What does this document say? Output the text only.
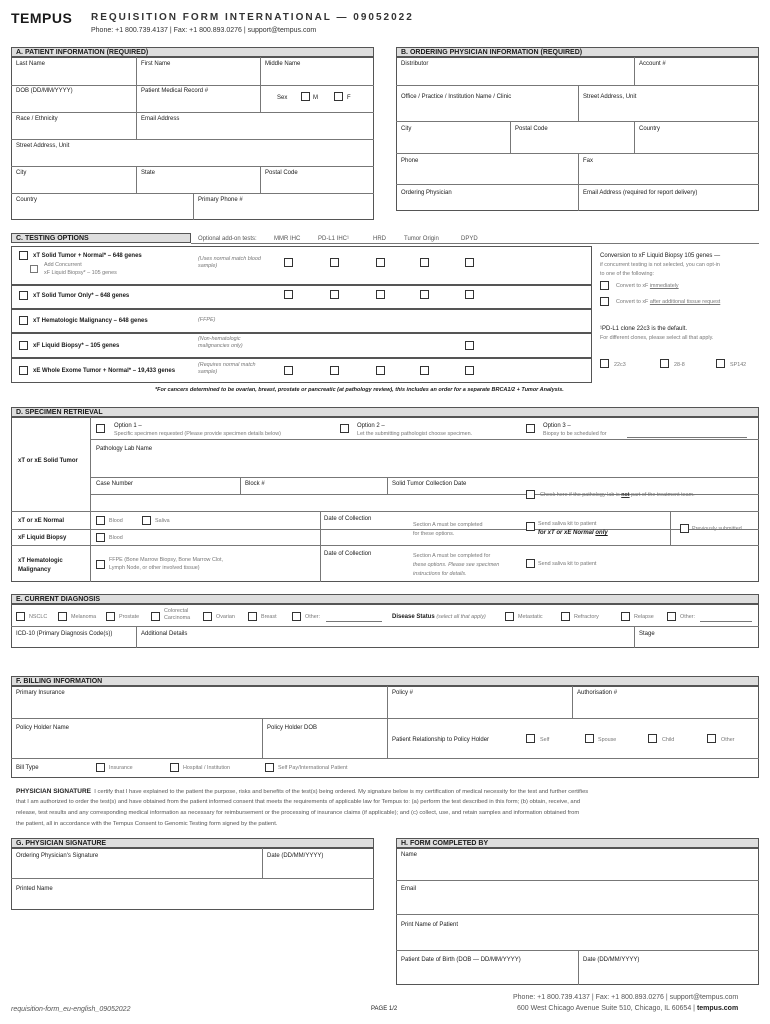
TEMPUS REQUISITION FORM INTERNATIONAL — 09052022
Phone: +1 800.739.4137 | Fax: +1 800.893.0276 | support@tempus.com
A. PATIENT INFORMATION (REQUIRED)
Last Name	First Name	Middle Name
DOB (DD/MM/YYYY)	Patient Medical Record #
Sex	M	F
Race / Ethnicity	Email Address
Street Address, Unit
City	State	Postal Code
Country	Primary Phone #
B. ORDERING PHYSICIAN INFORMATION (REQUIRED)
Distributor	Account #
Office / Practice / Institution Name / Clinic	Street Address, Unit
City	Postal Code	Country
Phone	Fax
Ordering Physician	Email Address (required for report delivery)
C. TESTING OPTIONS	Optional add-on tests:	MMR IHC	PD-L1 IHC¹	HRD	Tumor Origin	DPYD
xT Solid Tumor + Normal* – 648 genes
Add Concurrent
xF Liquid Biopsy* – 105 genes
(Uses normal match blood sample)
xT Solid Tumor Only* – 648 genes
xT Hematologic Malignancy – 648 genes	(FFPE)
xF Liquid Biopsy* – 105 genes
(Non-hematologic malignancies only)
xE Whole Exome Tumor + Normal* – 19,433 genes
(Requires normal match sample)
Conversion to xF Liquid Biopsy 105 genes —
if concurrent testing is not selected, you can opt-in
to one of the following:
Convert to xF immediately
Convert to xF after additional tissue request
¹PD-L1 clone 22c3 is the default.
For different clones, please select all that apply.
22c3	28-8	SP142
*For cancers determined to be ovarian, breast, prostate or pancreatic (at pathology review), this includes an order for a separate BRCA1/2 + Tumor Analysis.
D. SPECIMEN RETRIEVAL
Option 1 –
Specific specimen requested (Please provide specimen details below)
Option 2 –
Let the submitting pathologist choose specimen.
Option 3 –
Biopsy to be scheduled for
xT or xE Solid Tumor
Pathology Lab Name
Case Number	Block #	Solid Tumor Collection Date
Check here if the pathology lab is not part of the treatment team.
xT or xE Normal	Blood	Saliva	Date of Collection
Section A must be completed
for these options.
Send saliva kit to patient
for xT or xE Normal only
Previously submitted
xF Liquid Biopsy	Blood
xT Hematologic Malignancy
FFPE (Bone Marrow Biopsy, Bone Marrow Clot,
Lymph Node, or other involved tissue)
Date of Collection	Section A must be completed for
these options. Please see specimen
instructions for details.
Send saliva kit to patient
E. CURRENT DIAGNOSIS
NSCLC	Melanoma	Prostate
Colorectal Carcinoma	Ovarian	Breast	Other:	Disease Status (select all that apply)	Metastatic	Refractory	Relapse	Other:
ICD-10 (Primary Diagnosis Code(s))	Additional Details	Stage
F. BILLING INFORMATION
Primary Insurance	Policy #	Authorisation #
Policy Holder Name	Policy Holder DOB
Patient Relationship to Policy Holder	Self	Spouse	Child	Other
Bill Type	Insurance	Hospital / Institution	Self Pay/International Patient
PHYSICIAN SIGNATURE I certify that I have explained to the patient the purpose, risks and benefits of the test(s) being ordered. My signature below is my certification of medical necessity for the test and further certifies
that I am authorized to order the test(s) and have obtained from the patient informed consent that meets the requirements of applicable law for Tempus to: (a) perform the test described in this form; (b) obtain, receive, and
release, test results and any corresponding medical information as necessary for reimbursement or the processing of insurance claims (if applicable); and (c) collect, use, and retain samples and information obtained from
the patient, all in accordance with the Tempus Consent to Genomic Testing form signed by the patient.
G. PHYSICIAN SIGNATURE
Ordering Physician's Signature	Date (DD/MM/YYYY)
Printed Name
H. FORM COMPLETED BY
Name
Email
Print Name of Patient
Patient Date of Birth (DOB — DD/MM/YYYY)	Date (DD/MM/YYYY)
requisition-form_eu-english_09052022	PAGE 1/2
Phone: +1 800.739.4137 | Fax: +1 800.893.0276 | support@tempus.com
600 West Chicago Avenue Suite 510, Chicago, IL 60654 | tempus.com
